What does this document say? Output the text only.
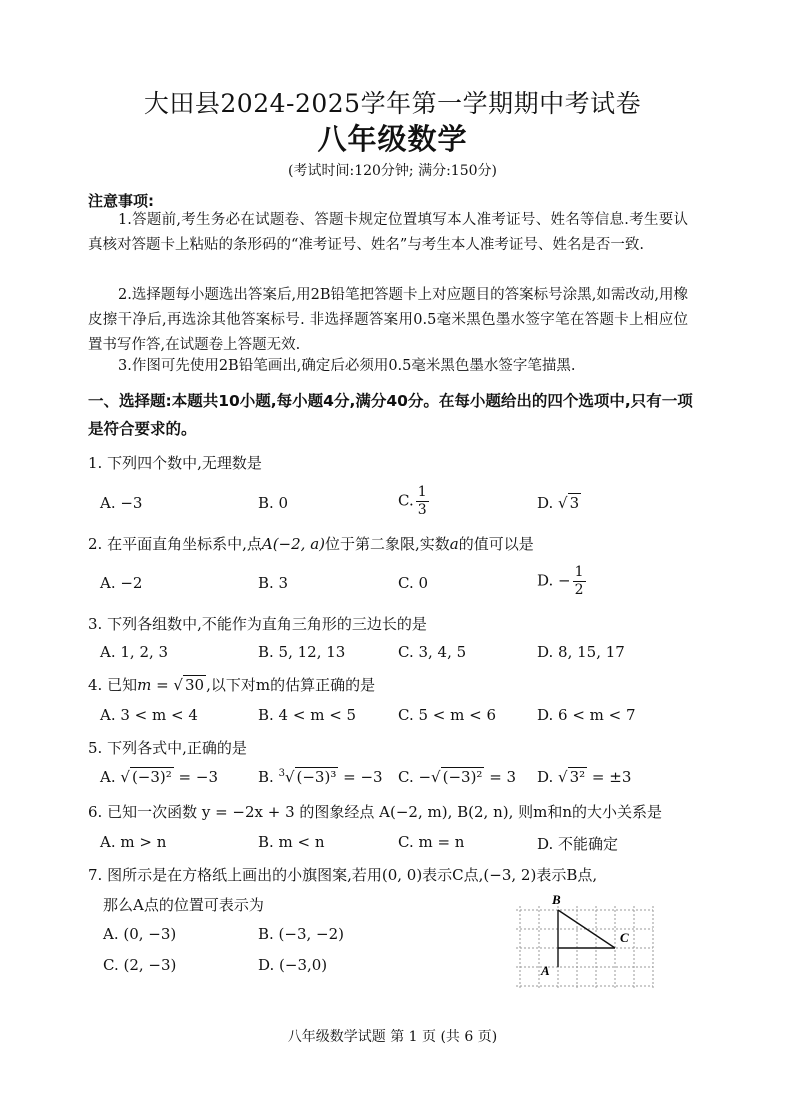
大田县2024-2025学年第一学期期中考试卷
八年级数学
(考试时间:120分钟; 满分:150分)
注意事项:

1.答题前,考生务必在试题卷、答题卡规定位置填写本人准考证号、姓名等信息.考生要认真核对答题卡上粘贴的条形码的“准考证号、姓名”与考生本人准考证号、姓名是否一致.

2.选择题每小题选出答案后,用2B铅笔把答题卡上对应题目的答案标号涂黑,如需改动,用橡皮擦干净后,再选涂其他答案标号. 非选择题答案用0.5毫米黑色墨水签字笔在答题卡上相应位置书写作答,在试题卷上答题无效.

3.作图可先使用2B铅笔画出,确定后必须用0.5毫米黑色墨水签字笔描黑.

一、选择题:本题共10小题,每小题4分,满分40分。在每小题给出的四个选项中,只有一项是符合要求的。

1. 下列四个数中,无理数是
A. −3	B. 0	C. $\frac{1}{3}$	D. √ 3
2. 在平面直角坐标系中,点A(−2, a)位于第二象限,实数a的值可以是
A. −2	B. 3	C. 0	D. − $\frac{1}{2}$
3. 下列各组数中,不能作为直角三角形的三边长的是
A. 1, 2, 3	B. 5, 12, 13	C. 3, 4, 5	D. 8, 15, 17
4. 已知m = √ 30 ,以下对m的估算正确的是
A. 3 < m < 4	B. 4 < m < 5	C. 5 < m < 6	D. 6 < m < 7
5. 下列各式中,正确的是
A. √ (−3)² = −3	B. $^3$√ (−3)³ = −3 C. −√ (−3)² = 3 D. √ 3² = ±3
6. 已知一次函数 y = −2x + 3 的图象经点 A(−2, m), B(2, n), 则m和n的大小关系是
A. m > n	B. m < n	C. m = n	D. 不能确定
7. 图所示是在方格纸上画出的小旗图案,若用(0, 0)表示C点,(−3, 2)表示B点,
那么A点的位置可表示为
A. (0, −3)	B. (−3, −2)
C. (2, −3)	D. (−3,0)
B
C
A
八年级数学试题 第 1 页 (共 6 页)
